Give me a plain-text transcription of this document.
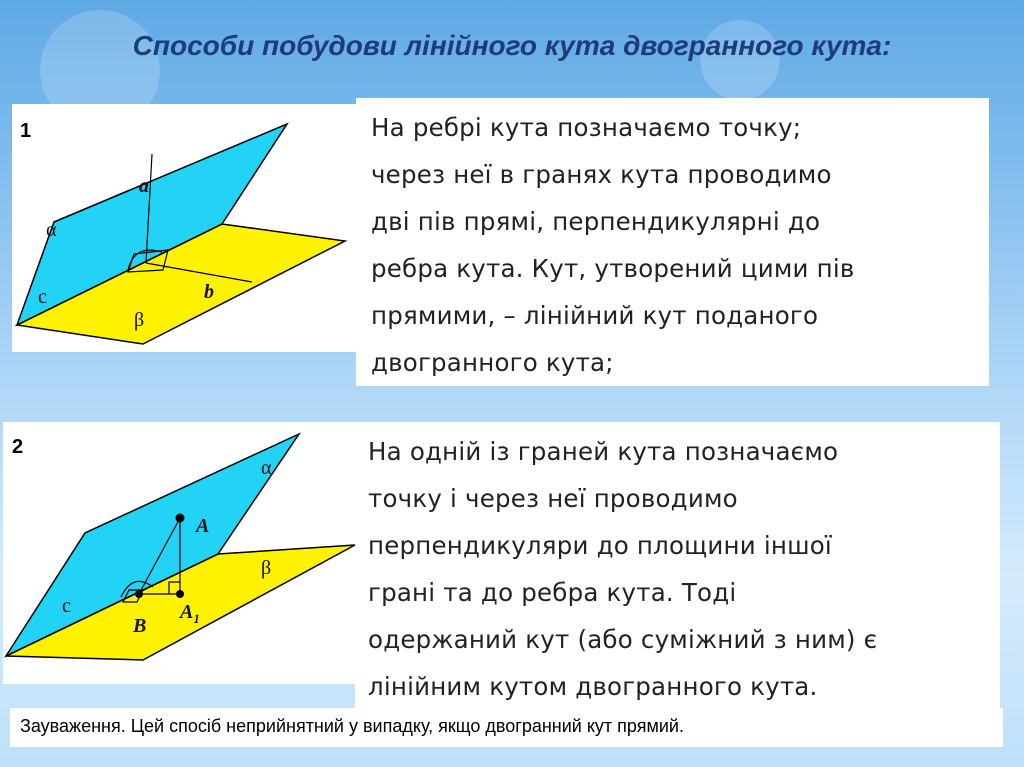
Способи побудови лінійного кута двогранного кута:
1
2
α
c
a
b
β
α
A
β
c	$A_1$
B
На ребрі кута позначаємо точку;
через неї в гранях кута проводимо
дві пів прямі, перпендикулярні до
ребра кута. Кут, утворений цими пів
прямими, – лінійний кут поданого
двогранного кута;
На одній із граней кута позначаємо
точку і через неї проводимо
перпендикуляри до площини іншої
грані та до ребра кута. Тоді
одержаний кут (або суміжний з ним) є
лінійним кутом двогранного кута.
Зауваження. Цей спосіб неприйнятний у випадку, якщо двогранний кут прямий.
